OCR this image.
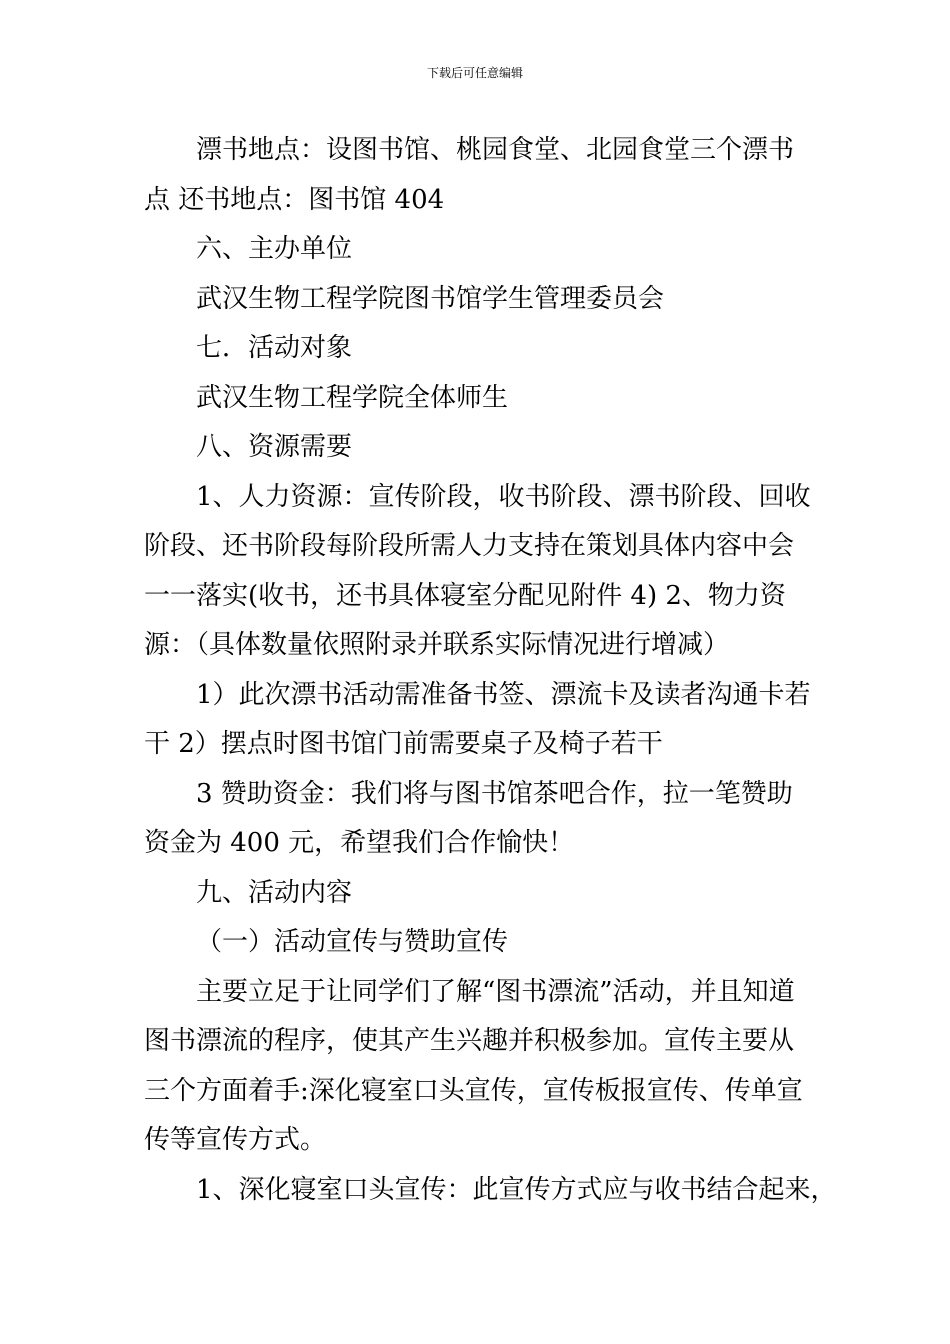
下载后可任意编辑

漂书地点：设图书馆、桃园食堂、北园食堂三个漂书点 还书地点：图书馆 404

六、主办单位

武汉生物工程学院图书馆学生管理委员会

七．活动对象

武汉生物工程学院全体师生

八、资源需要

1、人力资源：宣传阶段，收书阶段、漂书阶段、回收阶段、还书阶段每阶段所需人力支持在策划具体内容中会一一落实(收书，还书具体寝室分配见附件 4) 2、物力资源：（具体数量依照附录并联系实际情况进行增减）

1）此次漂书活动需准备书签、漂流卡及读者沟通卡若干 2）摆点时图书馆门前需要桌子及椅子若干

3 赞助资金：我们将与图书馆茶吧合作，拉一笔赞助资金为 400 元，希望我们合作愉快！

九、活动内容

（一）活动宣传与赞助宣传

主要立足于让同学们了解“图书漂流”活动，并且知道图书漂流的程序，使其产生兴趣并积极参加。宣传主要从三个方面着手:深化寝室口头宣传，宣传板报宣传、传单宣传等宣传方式。

1、深化寝室口头宣传：此宣传方式应与收书结合起来，
